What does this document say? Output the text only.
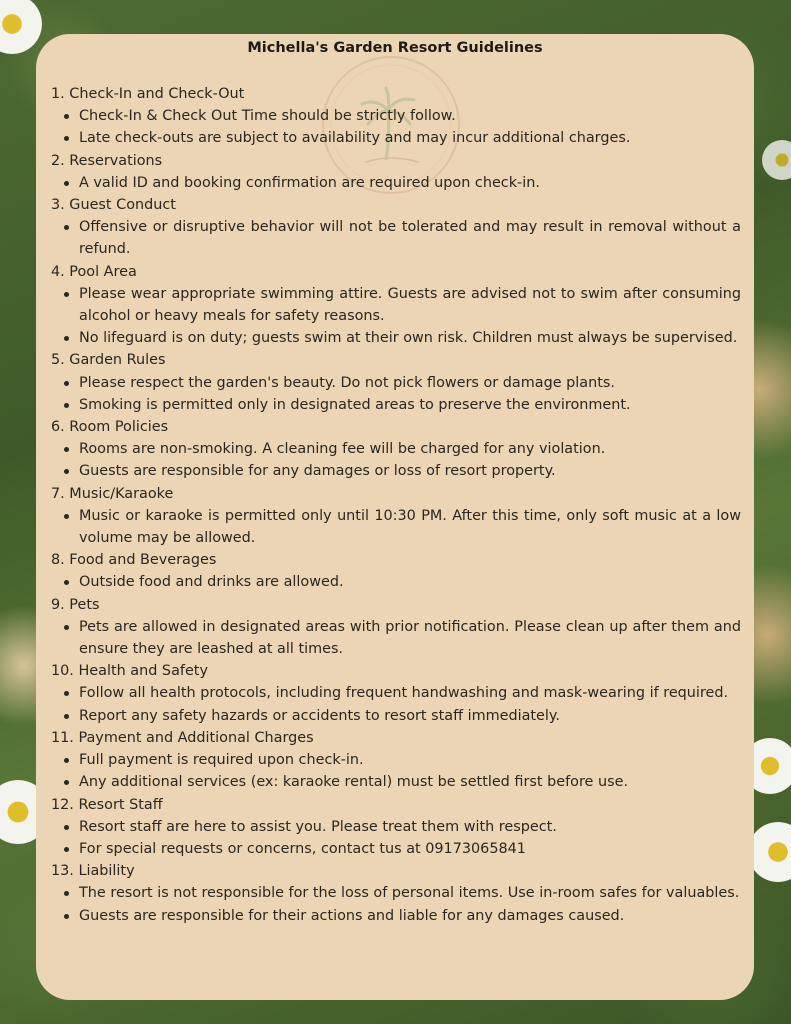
Michella's Garden Resort Guidelines
1. Check-In and Check-Out
Check-In & Check Out Time should be strictly follow.
Late check-outs are subject to availability and may incur additional charges.
2. Reservations
A valid ID and booking confirmation are required upon check-in.
3. Guest Conduct
Offensive or disruptive behavior will not be tolerated and may result in removal without a refund.
4. Pool Area
Please wear appropriate swimming attire. Guests are advised not to swim after consuming alcohol or heavy meals for safety reasons.
No lifeguard is on duty; guests swim at their own risk. Children must always be supervised.
5. Garden Rules
Please respect the garden's beauty. Do not pick flowers or damage plants.
Smoking is permitted only in designated areas to preserve the environment.
6. Room Policies
Rooms are non-smoking. A cleaning fee will be charged for any violation.
Guests are responsible for any damages or loss of resort property.
7. Music/Karaoke
Music or karaoke is permitted only until 10:30 PM. After this time, only soft music at a low volume may be allowed.
8. Food and Beverages
Outside food and drinks are allowed.
9. Pets
Pets are allowed in designated areas with prior notification. Please clean up after them and ensure they are leashed at all times.
10. Health and Safety
Follow all health protocols, including frequent handwashing and mask-wearing if required.
Report any safety hazards or accidents to resort staff immediately.
11. Payment and Additional Charges
Full payment is required upon check-in.
Any additional services (ex: karaoke rental) must be settled first before use.
12. Resort Staff
Resort staff are here to assist you. Please treat them with respect.
For special requests or concerns, contact tus at 09173065841
13. Liability
The resort is not responsible for the loss of personal items. Use in-room safes for valuables.
Guests are responsible for their actions and liable for any damages caused.
